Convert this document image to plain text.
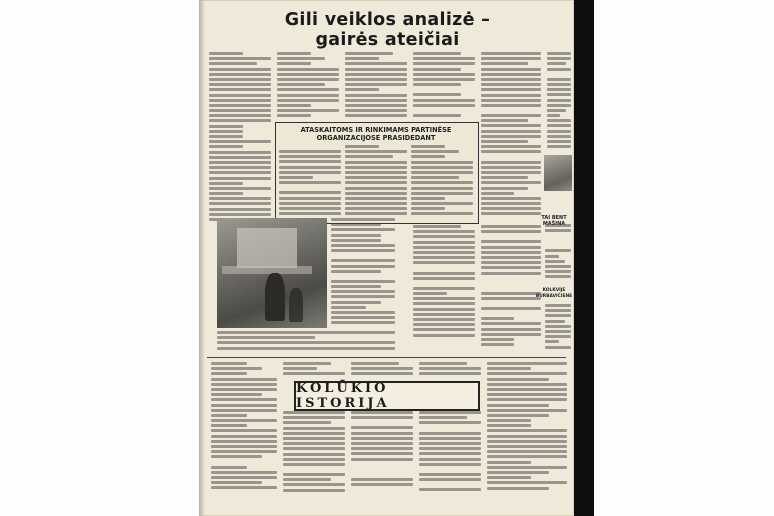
Gili veiklos analizė –
gairės ateičiai
ATASKAITOMS IR RINKIMAMS PARTINĖSE
ORGANIZACIJOSE PRASIDEDANT
TAI BENT MAŠINA
KOLKVIJE
BURBAVIČIENE
KOLŪKIO ISTORIJA
